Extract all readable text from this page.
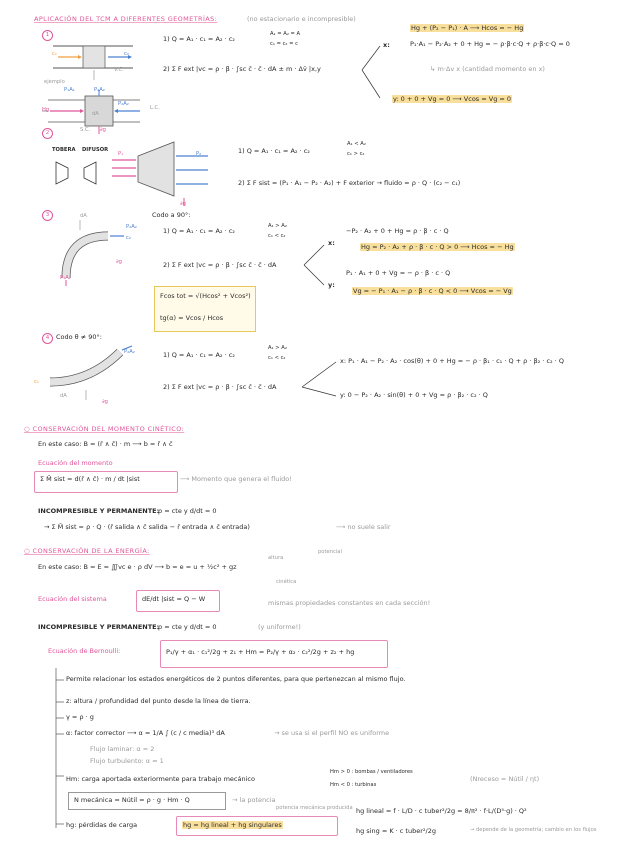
APLICACIÓN DEL TCM A DIFERENTES GEOMETRÍAS:	(no estacionario e incompresible)
1
c₁	c₂
V.C.
ejemplo
P₁A₁	P₂A₂
Hg
P₂A₂
L.C.
dA
S.C. ∂g
1) Q = A₁ · c₁ = A₂ · c₂
A₁ = A₂ = A
c₁ = c₂ = c
2) Σ F ext |vc = ρ · β · ∫sc c̄ · c̄ · dA ± m · Δv̄ |x,y
x:
Hg + (P₂ − P₁) · A ⟶ Hcos = − Hg
P₁·A₁ − P₂·A₂ + 0 + Hg = − ρ·β·c·Q + ρ·β·c·Q = 0
↳ m·Δv x (cantidad momento en x)
y: 0 + 0 + Vg = 0 ⟶ Vcos = Vg = 0
2
TOBERA DIFUSOR
P₁	P₂
∂g
1) Q = A₁ · c₁ = A₂ · c₂
A₁ < A₂
c₁ > c₂
2) Σ F sist = (P₁ · A₁ − P₂ · A₂) + F exterior → fluido = ρ · Q · (c₂ − c₁)
3	Codo a 90°:
dA
P₂A₂
c₂
P₁A₁
∂g
1) Q = A₁ · c₁ = A₂ · c₂
A₁ > A₂
c₁ < c₂
2) Σ F ext |vc = ρ · β · ∫sc c̄ · c̄ · dA
x:
−P₂ · A₂ + 0 + Hg = ρ · β · c · Q
Hg = P₂ · A₂ + ρ · β · c · Q > 0 ⟶ Hcos = − Hg
y:
P₁ · A₁ + 0 + Vg = − ρ · β · c · Q
Vg = − P₁ · A₁ − ρ · β · c · Q < 0 ⟶ Vcos = − Vg
Fcos tot = √(Hcos² + Vcos²)
tg(α) = Vcos / Hcos
4	Codo θ ≠ 90°:
c₁
P₂A₂
dA
∂g
1) Q = A₁ · c₁ = A₂ · c₂
A₁ > A₂
c₁ < c₂
2) Σ F ext |vc = ρ · β · ∫sc c̄ · c̄ · dA
x: P₁ · A₁ − P₂ · A₂ · cos(θ) + 0 + Hg = − ρ · β₁ · c₁ · Q + ρ · β₂ · c₂ · Q
y: 0 − P₂ · A₂ · sin(θ) + 0 + Vg = ρ · β₂ · c₂ · Q
○ CONSERVACIÓN DEL MOMENTO CINÉTICO:
En este caso: B = (r̄ ∧ c̄) · m ⟶ b = r̄ ∧ c̄
Ecuación del momento
Σ M̄ sist = d(r̄ ∧ c̄) · m / dt |sist	⟶ Momento que genera el fluido!
INCOMPRESIBLE Y PERMANENTE:
ρ = cte y d/dt = 0
→ Σ M̄ sist = ρ · Q · (r̄ salida ∧ c̄ salida − r̄ entrada ∧ c̄ entrada)	⟶ no suele salir
○ CONSERVACIÓN DE LA ENERGÍA:
altura
potencial
En este caso: B = E = ∭vc e · ρ dV ⟶ b = e = u + ½c² + gz
cinética
Ecuación del sistema	dE/dt |sist = Q − W	mismas propiedades constantes en cada sección!
INCOMPRESIBLE Y PERMANENTE:
ρ = cte y d/dt = 0	(y uniforme!)
Ecuación de Bernoulli:	P₁/γ + α₁ · c₁²/2g + z₁ + Hm = P₂/γ + α₂ · c₂²/2g + z₂ + hg
Permite relacionar los estados energéticos de 2 puntos diferentes, para que pertenezcan al mismo flujo.
z: altura / profundidad del punto desde la línea de tierra.
γ = ρ · g
α: factor corrector ⟶ α = 1/A ∫ (c / c media)³ dA	→ se usa si el perfil NO es uniforme
Flujo laminar: α = 2
Flujo turbulento: α ≈ 1
Hm: carga aportada exteriormente para trabajo mecánico
Hm > 0 : bombas / ventiladores
Hm < 0 : turbinas
(Nreceso = Nútil / ηt)
N mecánica = Nútil = ρ · g · Hm · Q	→ la potencia
potencia mecánica producida
hg: pérdidas de carga	hg = hg lineal + hg singulares
hg lineal = f · L/D · c tuber²/2g = 8/π² · f·L/(D⁵·g) · Q²
hg sing = K · c tuber²/2g	→ depende de la geometría; cambio en los flujos
